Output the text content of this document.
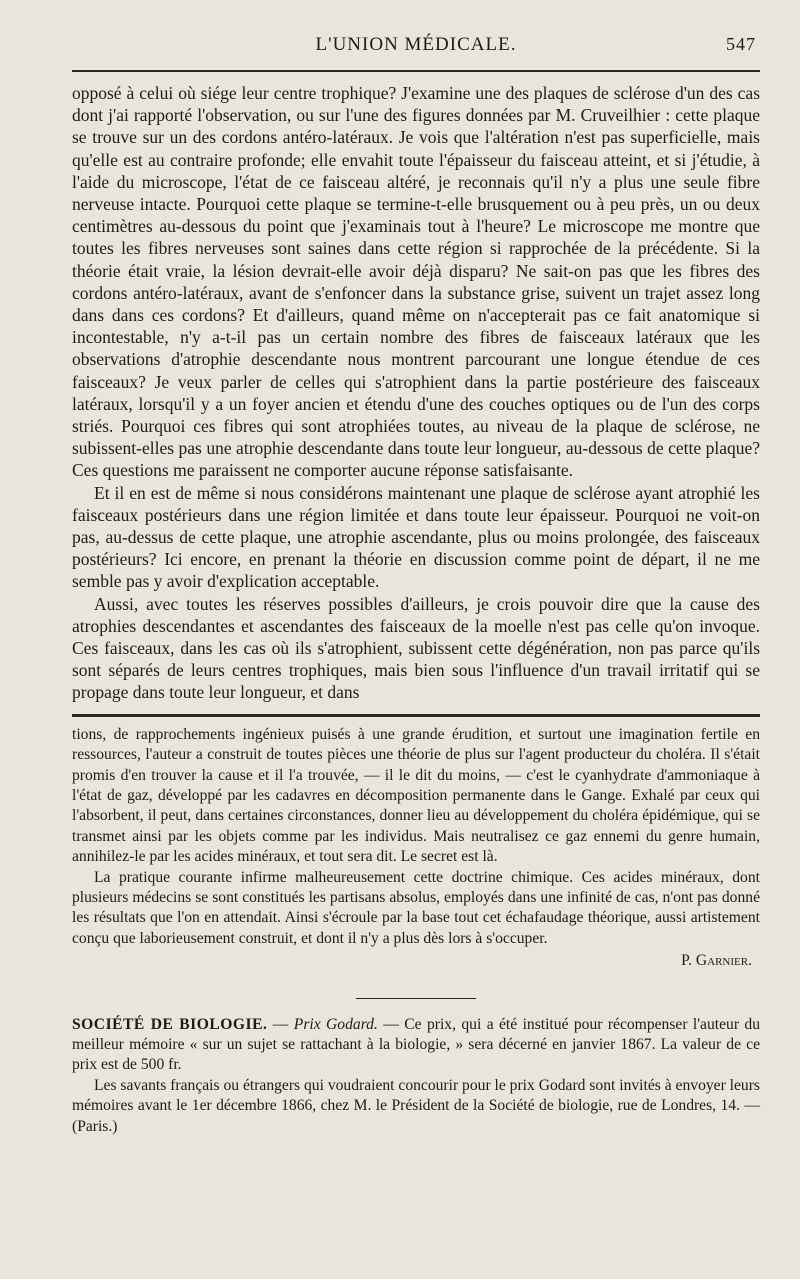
L'UNION MÉDICALE.	547

opposé à celui où siége leur centre trophique? J'examine une des plaques de sclérose d'un des cas dont j'ai rapporté l'observation, ou sur l'une des figures données par M. Cruveilhier : cette plaque se trouve sur un des cordons antéro-latéraux. Je vois que l'altération n'est pas superficielle, mais qu'elle est au contraire profonde; elle envahit toute l'épaisseur du faisceau atteint, et si j'étudie, à l'aide du microscope, l'état de ce faisceau altéré, je reconnais qu'il n'y a plus une seule fibre nerveuse intacte. Pourquoi cette plaque se termine-t-elle brusquement ou à peu près, un ou deux centimètres au-dessous du point que j'examinais tout à l'heure? Le microscope me montre que toutes les fibres nerveuses sont saines dans cette région si rapprochée de la précédente. Si la théorie était vraie, la lésion devrait-elle avoir déjà disparu? Ne sait-on pas que les fibres des cordons antéro-latéraux, avant de s'enfoncer dans la substance grise, suivent un trajet assez long dans dans ces cordons? Et d'ailleurs, quand même on n'accepterait pas ce fait anatomique si incontestable, n'y a-t-il pas un certain nombre des fibres de faisceaux latéraux que les observations d'atrophie descendante nous montrent parcourant une longue étendue de ces faisceaux? Je veux parler de celles qui s'atrophient dans la partie postérieure des faisceaux latéraux, lorsqu'il y a un foyer ancien et étendu d'une des couches optiques ou de l'un des corps striés. Pourquoi ces fibres qui sont atrophiées toutes, au niveau de la plaque de sclérose, ne subissent-elles pas une atrophie descendante dans toute leur longueur, au-dessous de cette plaque? Ces questions me paraissent ne comporter aucune réponse satisfaisante.

Et il en est de même si nous considérons maintenant une plaque de sclérose ayant atrophié les faisceaux postérieurs dans une région limitée et dans toute leur épaisseur. Pourquoi ne voit-on pas, au-dessus de cette plaque, une atrophie ascendante, plus ou moins prolongée, des faisceaux postérieurs? Ici encore, en prenant la théorie en discussion comme point de départ, il ne me semble pas y avoir d'explication acceptable.

Aussi, avec toutes les réserves possibles d'ailleurs, je crois pouvoir dire que la cause des atrophies descendantes et ascendantes des faisceaux de la moelle n'est pas celle qu'on invoque. Ces faisceaux, dans les cas où ils s'atrophient, subissent cette dégénération, non pas parce qu'ils sont séparés de leurs centres trophiques, mais bien sous l'influence d'un travail irritatif qui se propage dans toute leur longueur, et dans

tions, de rapprochements ingénieux puisés à une grande érudition, et surtout une imagination fertile en ressources, l'auteur a construit de toutes pièces une théorie de plus sur l'agent producteur du choléra. Il s'était promis d'en trouver la cause et il l'a trouvée, — il le dit du moins, — c'est le cyanhydrate d'ammoniaque à l'état de gaz, développé par les cadavres en décomposition permanente dans le Gange. Exhalé par ceux qui l'absorbent, il peut, dans certaines circonstances, donner lieu au développement du choléra épidémique, qui se transmet ainsi par les objets comme par les individus. Mais neutralisez ce gaz ennemi du genre humain, annihilez-le par les acides minéraux, et tout sera dit. Le secret est là.

La pratique courante infirme malheureusement cette doctrine chimique. Ces acides minéraux, dont plusieurs médecins se sont constitués les partisans absolus, employés dans une infinité de cas, n'ont pas donné les résultats que l'on en attendait. Ainsi s'écroule par la base tout cet échafaudage théorique, aussi artistement conçu que laborieusement construit, et dont il n'y a plus dès lors à s'occuper.

P. Garnier.

SOCIÉTÉ DE BIOLOGIE. — Prix Godard. — Ce prix, qui a été institué pour récompenser l'auteur du meilleur mémoire « sur un sujet se rattachant à la biologie, » sera décerné en janvier 1867. La valeur de ce prix est de 500 fr.

Les savants français ou étrangers qui voudraient concourir pour le prix Godard sont invités à envoyer leurs mémoires avant le 1er décembre 1866, chez M. le Président de la Société de biologie, rue de Londres, 14. — (Paris.)
